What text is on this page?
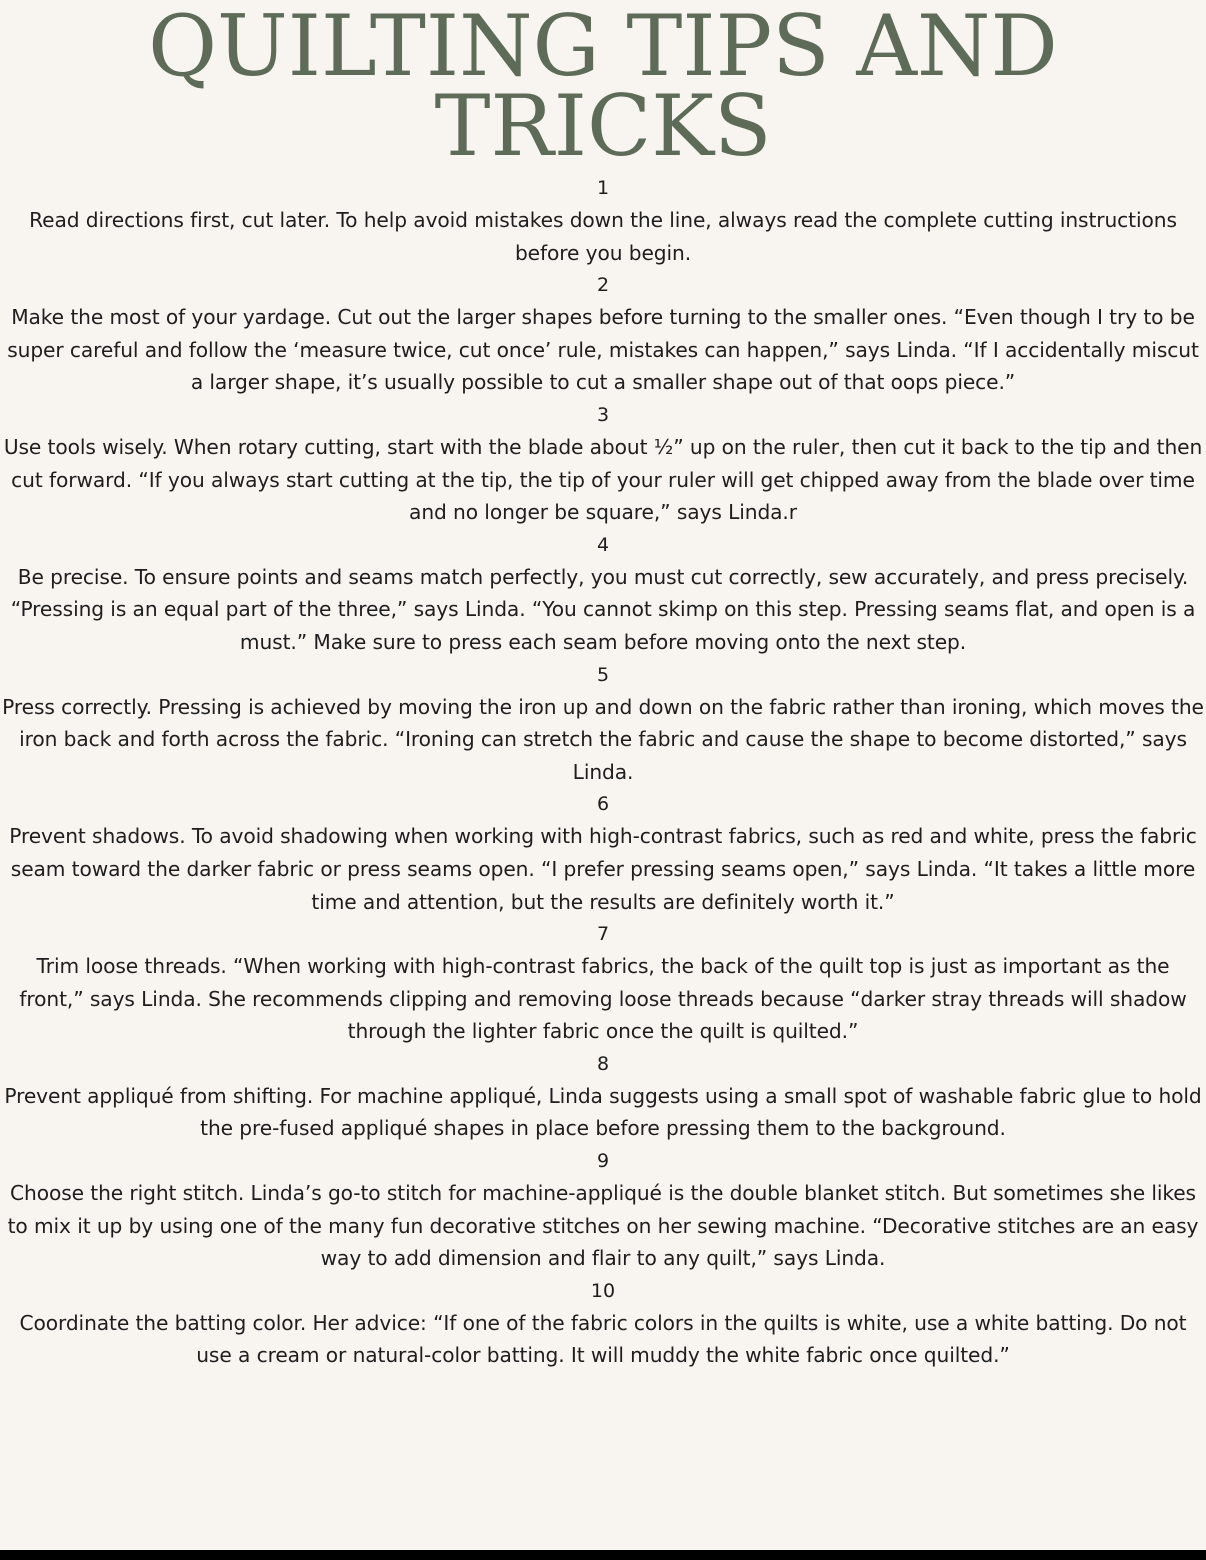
QUILTING TIPS AND
TRICKS
1
Read directions first, cut later. To help avoid mistakes down the line, always read the complete cutting instructions before you begin.
2
Make the most of your yardage. Cut out the larger shapes before turning to the smaller ones. “Even though I try to be super careful and follow the ‘measure twice, cut once’ rule, mistakes can happen,” says Linda. “If I accidentally miscut a larger shape, it’s usually possible to cut a smaller shape out of that oops piece.”
3
Use tools wisely. When rotary cutting, start with the blade about ½” up on the ruler, then cut it back to the tip and then cut forward. “If you always start cutting at the tip, the tip of your ruler will get chipped away from the blade over time and no longer be square,” says Linda.r
4
Be precise. To ensure points and seams match perfectly, you must cut correctly, sew accurately, and press precisely. “Pressing is an equal part of the three,” says Linda. “You cannot skimp on this step. Pressing seams flat, and open is a must.” Make sure to press each seam before moving onto the next step.
5
Press correctly. Pressing is achieved by moving the iron up and down on the fabric rather than ironing, which moves the iron back and forth across the fabric. “Ironing can stretch the fabric and cause the shape to become distorted,” says Linda.
6
Prevent shadows. To avoid shadowing when working with high-contrast fabrics, such as red and white, press the fabric seam toward the darker fabric or press seams open. “I prefer pressing seams open,” says Linda. “It takes a little more time and attention, but the results are definitely worth it.”
7
Trim loose threads. “When working with high-contrast fabrics, the back of the quilt top is just as important as the front,” says Linda. She recommends clipping and removing loose threads because “darker stray threads will shadow through the lighter fabric once the quilt is quilted.”
8
Prevent appliqué from shifting. For machine appliqué, Linda suggests using a small spot of washable fabric glue to hold the pre-fused appliqué shapes in place before pressing them to the background.
9
Choose the right stitch. Linda’s go-to stitch for machine-appliqué is the double blanket stitch. But sometimes she likes to mix it up by using one of the many fun decorative stitches on her sewing machine. “Decorative stitches are an easy way to add dimension and flair to any quilt,” says Linda.
10
Coordinate the batting color. Her advice: “If one of the fabric colors in the quilts is white, use a white batting. Do not use a cream or natural-color batting. It will muddy the white fabric once quilted.”
